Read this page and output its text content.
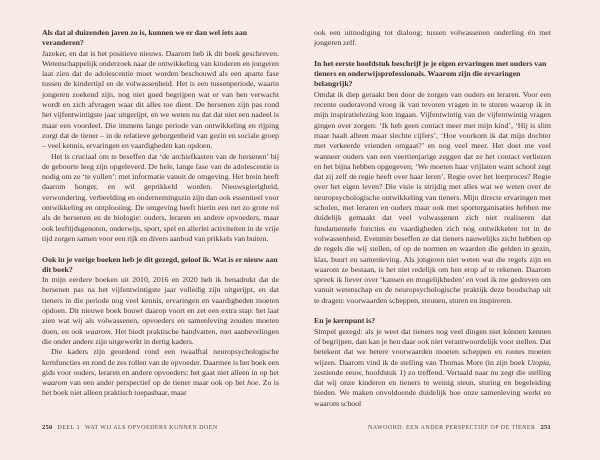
Als dat al duizenden jaren zo is, kunnen we er dan wel iets aan veranderen?

Jazeker, en dat is het positieve nieuws. Daarom heb ik dit boek geschreven. Wetenschappelijk onderzoek naar de ontwikkeling van kinderen en jongeren laat zien dat de adolescentie moet worden beschouwd als een aparte fase tussen de kindertijd en de volwassenheid. Het is een tussenperiode, waarin jongeren zoekend zijn, nog niet goed begrijpen wat er van hen verwacht wordt en zich afvragen waar dit alles toe dient. De hersenen zijn pas rond het vijfentwintigste jaar uitgerijpt, en we weten nu dat dat niet een nadeel is maar een voordeel. Die immens lange periode van ontwikkeling en rijping zorgt dat de tiener – in de relatieve geborgenheid van gezin en sociale groep – veel kennis, ervaringen en vaardigheden kan opdoen.

Het is cruciaal om te beseffen dat ‘de archiefkasten van de hersenen’ bij de geboorte leeg zijn opgeleverd. De hele, lange fase van de adolescentie is nodig om ze ‘te vullen’: met informatie vanuit de omgeving. Het brein heeft daarom honger, en wil geprikkeld worden. Nieuwsgierigheid, verwondering, verbeelding en ondernemingszin zijn dan ook essentieel voor ontwikkeling en ontplooiing. De omgeving heeft hierin een net zo grote rol als de hersenen en de biologie: ouders, leraren en andere opvoeders, maar ook leeftijdsgenoten, onderwijs, sport, spel en allerlei activiteiten in de vrije tijd zorgen samen voor een rijk en divers aanbod van prikkels van buiten.

Ook in je vorige boeken heb je dit gezegd, geloof ik. Wat is er nieuw aan dit boek?

In mijn eerdere boeken uit 2010, 2016 en 2020 heb ik benadrukt dat de hersenen pas na het vijfentwintigste jaar volledig zijn uitgerijpt, en dat tieners in die periode nog veel kennis, ervaringen en vaardigheden moeten opdoen. Dit nieuwe boek bouwt daarop voort en zet een extra stap: het laat zien wat wij als volwassenen, opvoeders en samenleving zouden moeten doen, en ook waarom. Het biedt praktische handvatten, met aanbevelingen die onder andere zijn uitgewerkt in dertig kaders.

Die kaders zijn geordend rond een twaalftal neuropsychologische kernfuncties en rond de zes rollen van de opvoeder. Daarmee is het boek een gids voor ouders, leraren en andere opvoeders: het gaat niet alleen in op het waarom van een ander perspectief op de tiener maar ook op het hoe. Zo is het boek niet alleen praktisch toepasbaar, maar

ook een uitnodiging tot dialoog; tussen volwassenen onderling én met jongeren zelf.

In het eerste hoofdstuk beschrijf je je eigen ervaringen met ouders van tieners en onderwijsprofessionals. Waarom zijn die ervaringen belangrijk?

Omdat ik diep geraakt ben door de zorgen van ouders en leraren. Voor een recente ouderavond vroeg ik van tevoren vragen in te sturen waarop ik in mijn inspiratielezing kon ingaan. Vijfentwintig van de vijfentwintig vragen gingen over zorgen: ‘Ik heb geen contact meer met mijn kind’, ‘Hij is slim maar haalt alleen maar slechte cijfers’, ‘Hoe voorkom ik dat mijn dochter met verkeerde vrienden omgaat?’ en nog veel meer. Het doet me veel wanneer ouders van een veertienjarige zeggen dat ze het contact verliezen en het bijna hebben opgegeven; ‘We moeten haar vrijlaten want school zegt dat zij zelf de regie heeft over haar leren’. Regie over het leerproces? Regie over het eigen leven? Die visie is strijdig met alles wat we weten over de neuropsychologische ontwikkeling van tieners. Mijn directe ervaringen met scholen, met leraren en ouders maar ook met sportorganisaties hebben me duidelijk gemaakt dat veel volwassenen zich niet realiseren dat fundamentele functies en vaardigheden zich nog ontwikkelen tot in de volwassenheid. Evenmin beseffen ze dat tieners nauwelijks zicht hebben op de regels die wij stellen, of op de normen en waarden die gelden in gezin, klas, buurt en samenleving. Als jongeren niet weten wat die regels zijn en waarom ze bestaan, is het niet redelijk om hen erop af te rekenen. Daarom spreek ik liever over ‘kansen en mogelijkheden’ en voel ik me gedreven om vanuit wetenschap en de neuropsychologische praktijk deze boodschap uit te dragen: voorwaarden scheppen, steunen, sturen en inspireren.

En je kernpunt is?

Simpel gezegd: als je weet dat tieners nog veel dingen niet kúnnen kennen of begrijpen, dan kan je hen daar ook niet verantwoordelijk voor stellen. Dat betekent dat we betere voorwaarden moeten scheppen en routes moeten wijzen. Daarom vind ik de stelling van Thomas More (in zijn boek Utopia, zestiende eeuw, hoofdstuk 1) zo treffend. Vertaald naar nu zegt die stelling dat wij onze kinderen en tieners te weinig steun, sturing en begeleiding bieden. We maken onvoldoende duidelijk hoe onze samenleving werkt en waarom school

250 DEEL 3 WAT WIJ ALS OPVOEDERS KUNNEN DOEN	NAWOORD: EEN ANDER PERSPECTIEF OP DE TIENER 251
